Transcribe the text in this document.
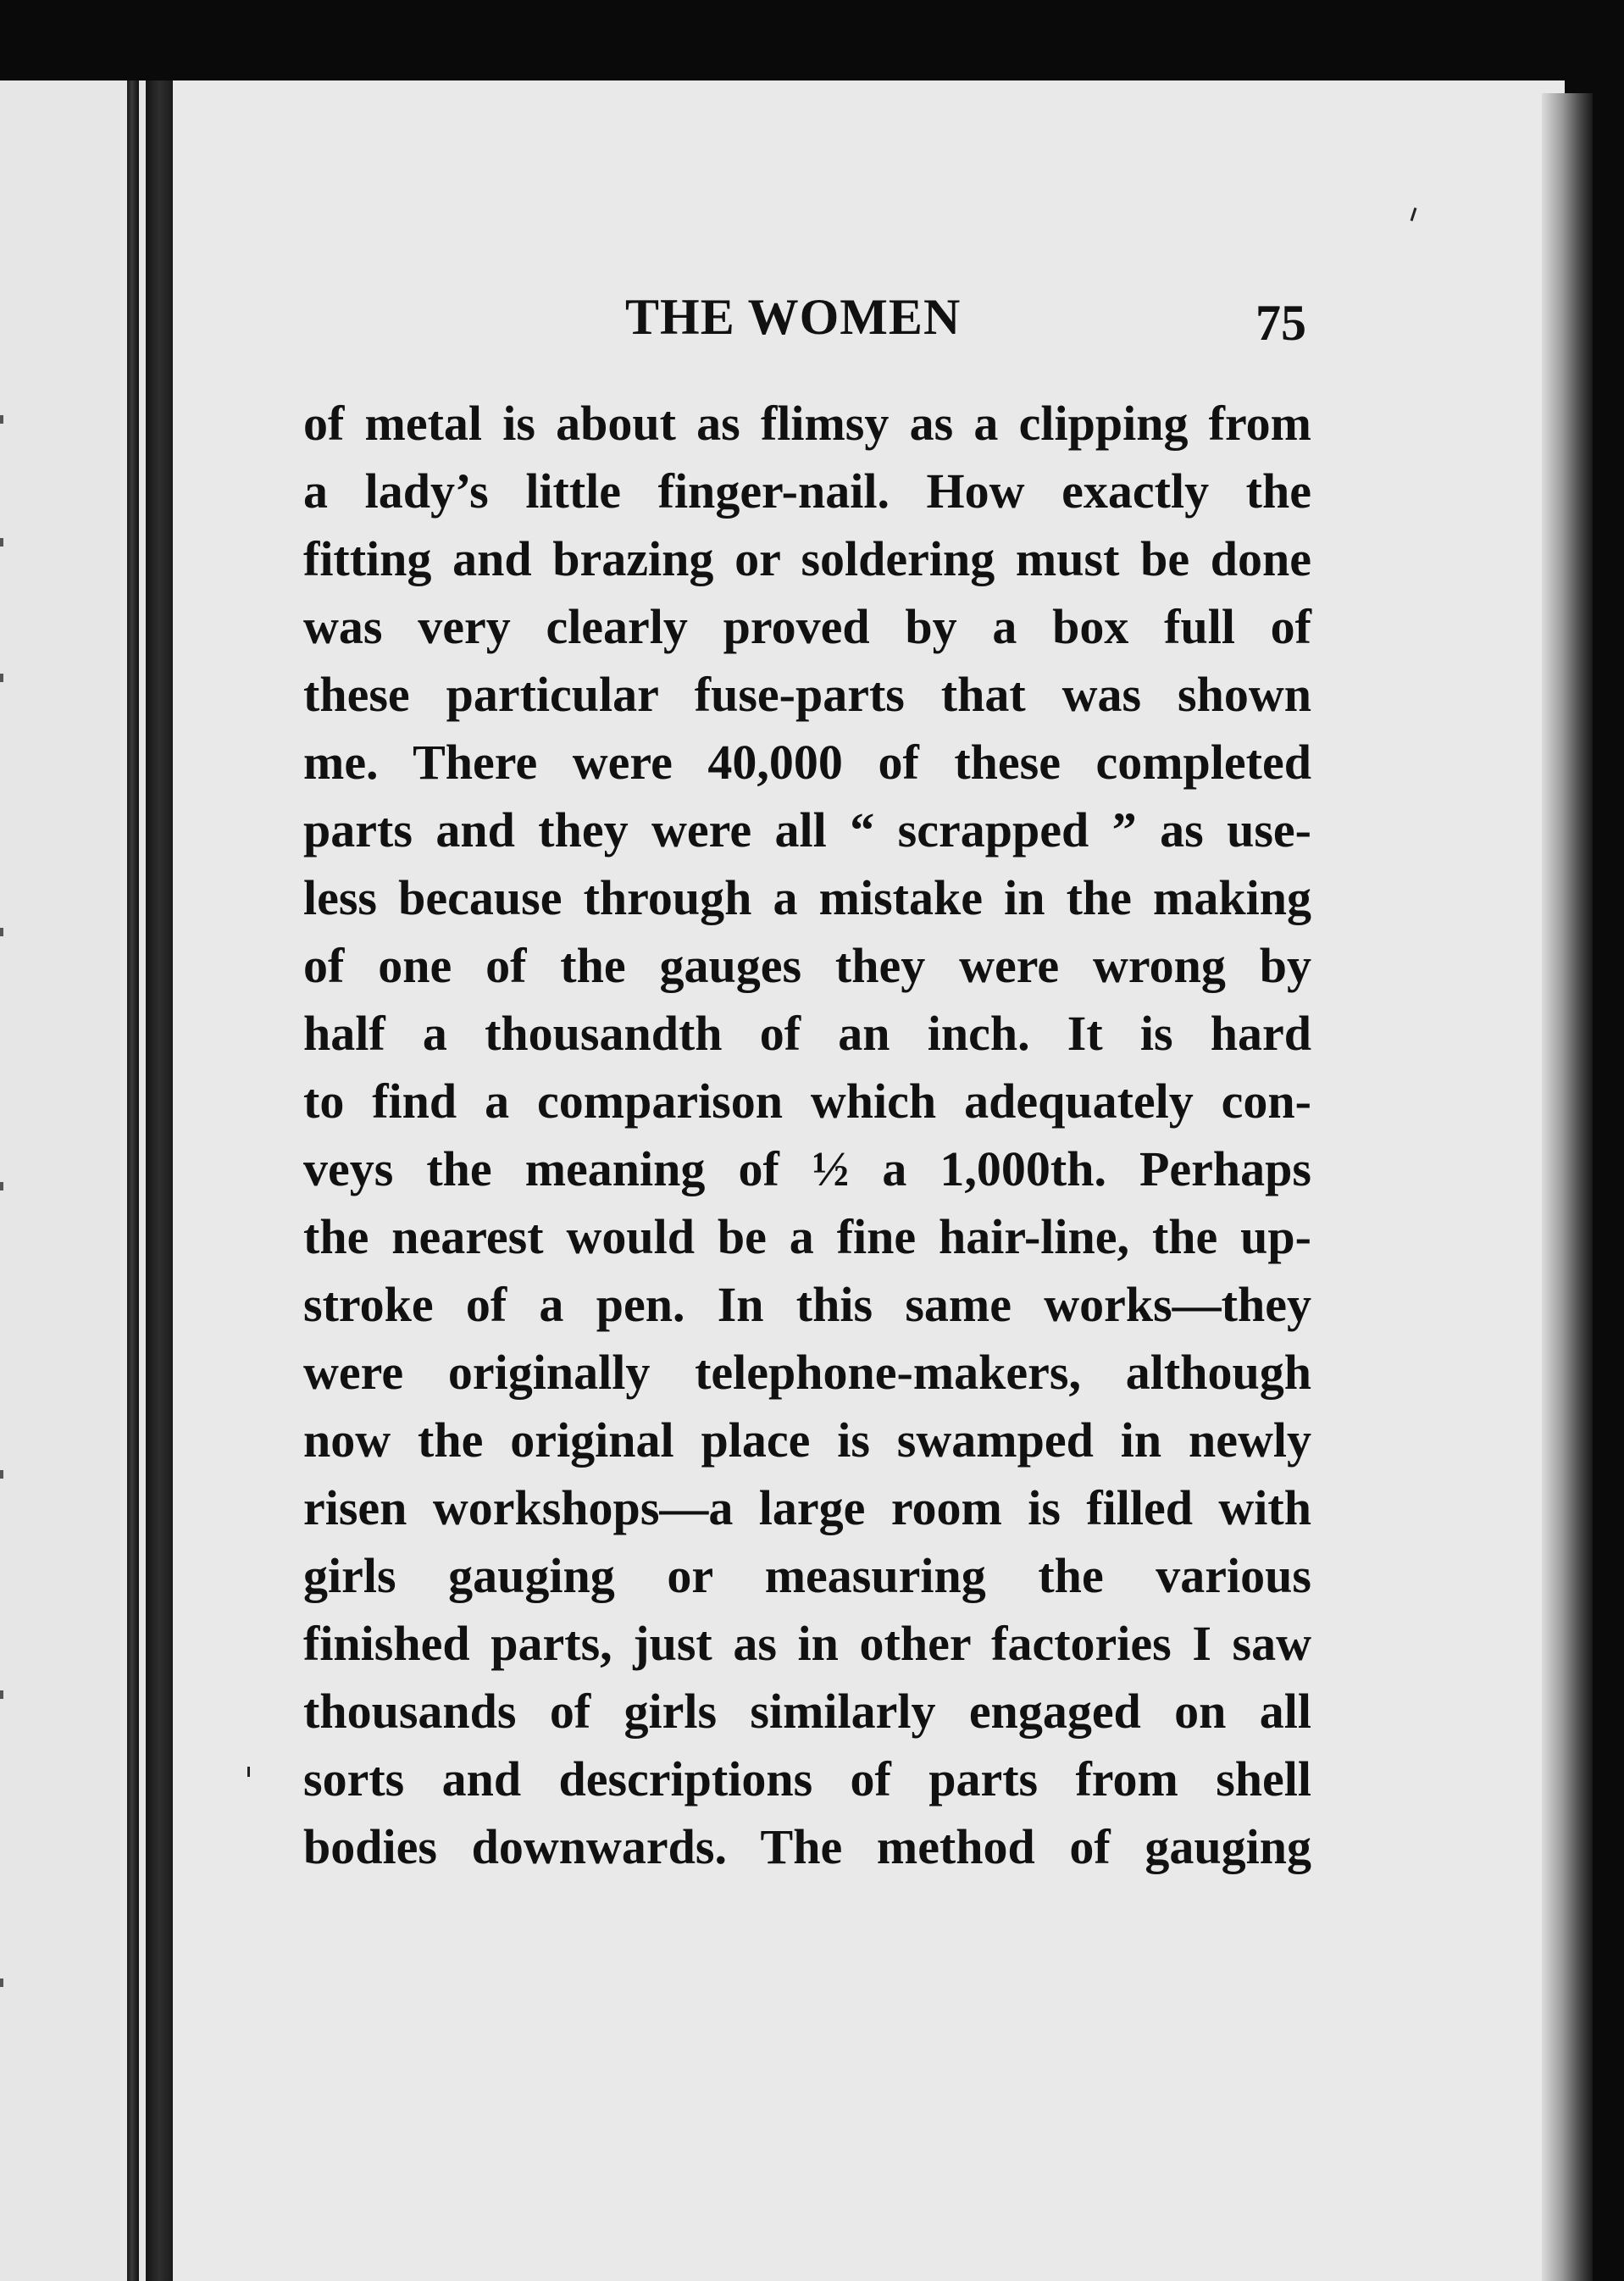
THE WOMEN	75
of metal is about as flimsy as a clipping from
a lady’s little finger-nail. How exactly the
fitting and brazing or soldering must be done
was very clearly proved by a box full of
these particular fuse-parts that was shown
me. There were 40,000 of these completed
parts and they were all “ scrapped ” as use-
less because through a mistake in the making
of one of the gauges they were wrong by
half a thousandth of an inch. It is hard
to find a comparison which adequately con-
veys the meaning of ½ a 1,000th. Perhaps
the nearest would be a fine hair-line, the up-
stroke of a pen. In this same works—they
were originally telephone-makers, although
now the original place is swamped in newly
risen workshops—a large room is filled with
girls gauging or measuring the various
finished parts, just as in other factories I saw
thousands of girls similarly engaged on all
sorts and descriptions of parts from shell
bodies downwards. The method of gauging
